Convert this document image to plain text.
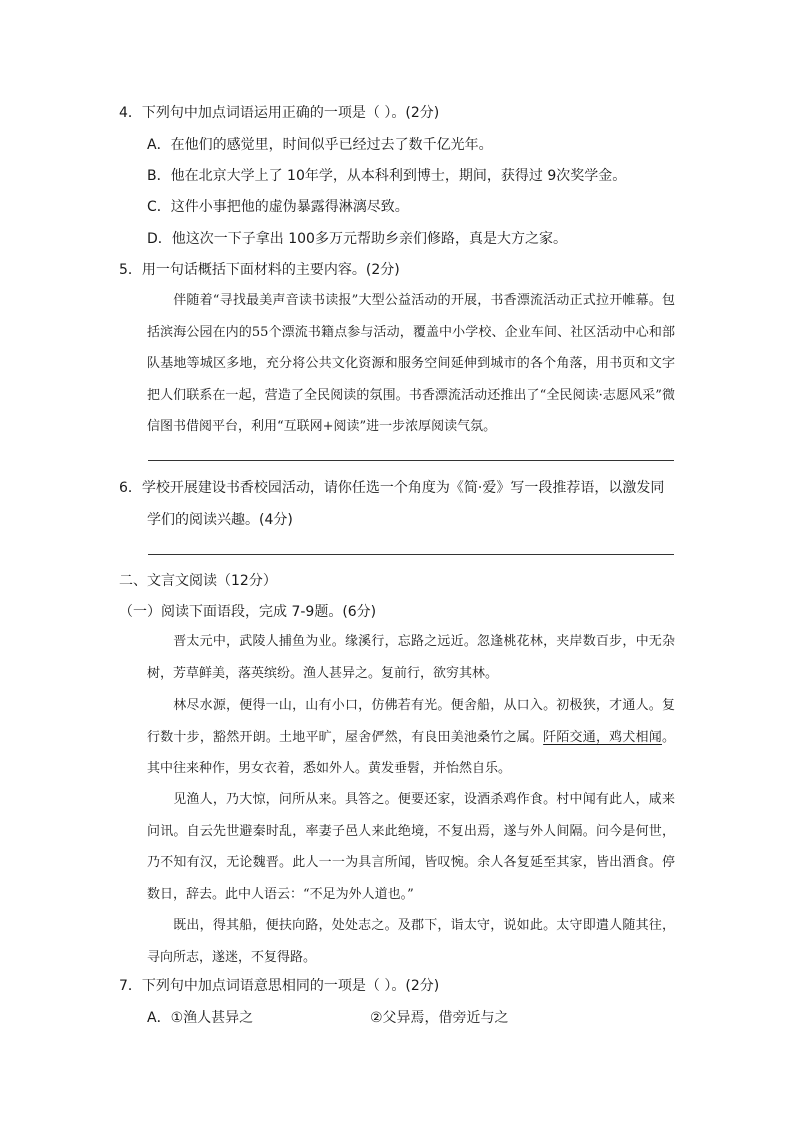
4．下列句中加点词语运用正确的一项是（ ）。(2分)
A．在他们的感觉里，时间似乎已经过去了数千亿光年。
B．他在北京大学上了 10年学，从本科利到博士，期间，获得过 9次奖学金。
C．这件小事把他的虚伪暴露得淋漓尽致。
D．他这次一下子拿出 100多万元帮助乡亲们修路，真是大方之家。
5．用一句话概括下面材料的主要内容。(2分)
伴随着“寻找最美声音读书读报”大型公益活动的开展，书香漂流活动正式拉开帷幕。包括滨海公园在内的55个漂流书籍点参与活动，覆盖中小学校、企业车间、社区活动中心和部队基地等城区多地，充分将公共文化资源和服务空间延伸到城市的各个角落，用书页和文字把人们联系在一起，营造了全民阅读的氛围。书香漂流活动还推出了“全民阅读·志愿风采”微信图书借阅平台，利用“互联网+阅读”进一步浓厚阅读气氛。
6．学校开展建设书香校园活动，请你任选一个角度为《简·爱》写一段推荐语，以激发同
学们的阅读兴趣。(4分)
二、文言文阅读（12分）
（一）阅读下面语段，完成 7-9题。(6分)
晋太元中，武陵人捕鱼为业。缘溪行，忘路之远近。忽逢桃花林，夹岸数百步，中无杂树，芳草鲜美，落英缤纷。渔人甚异之。复前行，欲穷其林。
林尽水源，便得一山，山有小口，仿佛若有光。便舍船，从口入。初极狭，才通人。复行数十步，豁然开朗。土地平旷，屋舍俨然，有良田美池桑竹之属。阡陌交通，鸡犬相闻。其中往来种作，男女衣着，悉如外人。黄发垂髫，并怡然自乐。
见渔人，乃大惊，问所从来。具答之。便要还家，设酒杀鸡作食。村中闻有此人，咸来问讯。自云先世避秦时乱，率妻子邑人来此绝境，不复出焉，遂与外人间隔。问今是何世，乃不知有汉，无论魏晋。此人一一为具言所闻，皆叹惋。余人各复延至其家，皆出酒食。停数日，辞去。此中人语云：“不足为外人道也。”
既出，得其船，便扶向路，处处志之。及郡下，诣太守，说如此。太守即遣人随其往，寻向所志，遂迷，不复得路。
7．下列句中加点词语意思相同的一项是（ ）。(2分)
A．①渔人甚异之	②父异焉，借旁近与之
